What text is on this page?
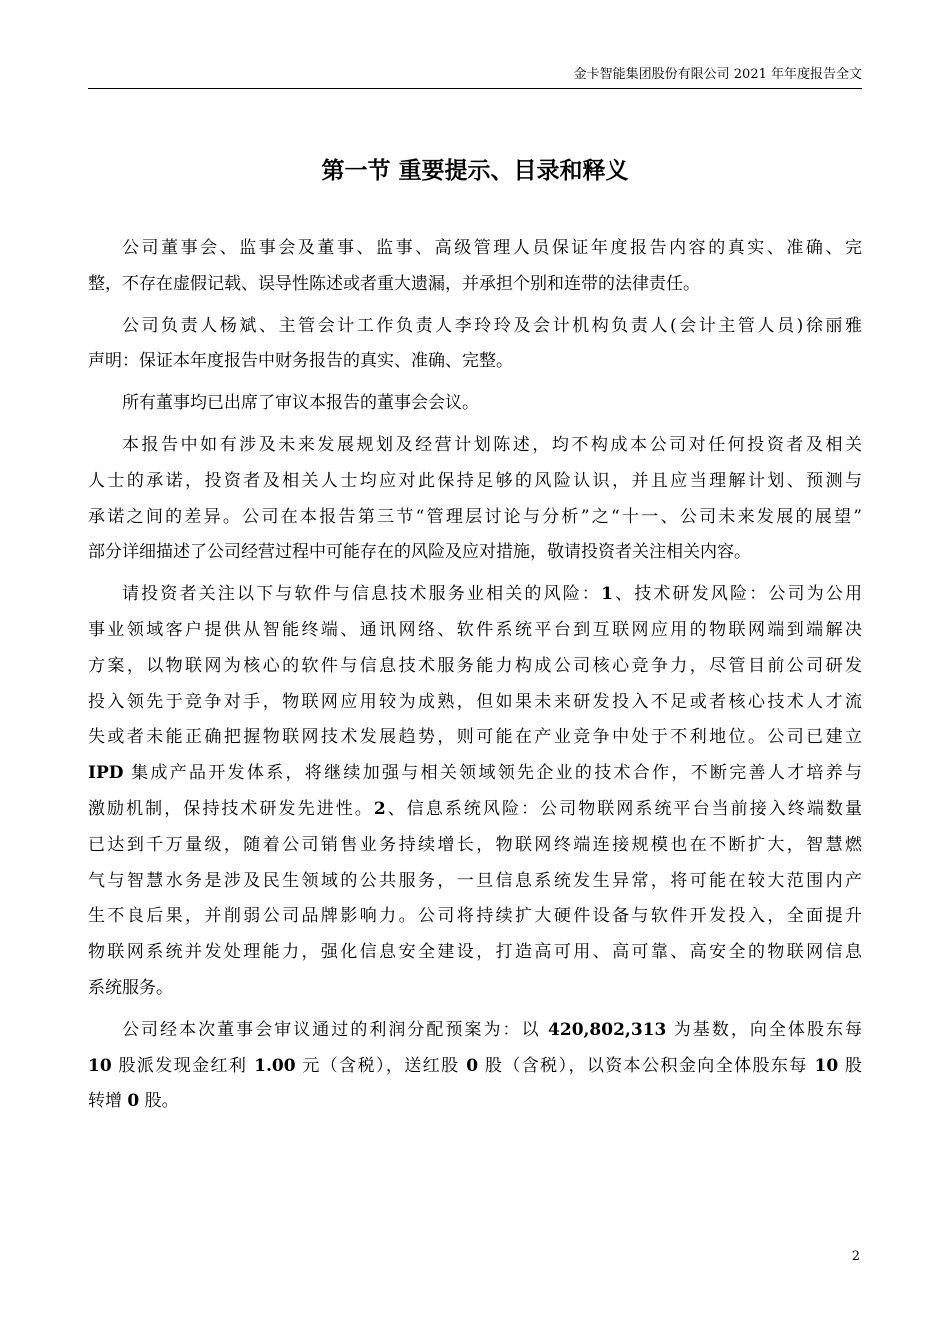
金卡智能集团股份有限公司 2021 年年度报告全文
第一节 重要提示、目录和释义
公司董事会、监事会及董事、监事、高级管理人员保证年度报告内容的真实、准确、完
整，不存在虚假记载、误导性陈述或者重大遗漏，并承担个别和连带的法律责任。
公司负责人杨斌、主管会计工作负责人李玲玲及会计机构负责人(会计主管人员)徐丽雅
声明：保证本年度报告中财务报告的真实、准确、完整。
所有董事均已出席了审议本报告的董事会会议。
本报告中如有涉及未来发展规划及经营计划陈述，均不构成本公司对任何投资者及相关
人士的承诺，投资者及相关人士均应对此保持足够的风险认识，并且应当理解计划、预测与
承诺之间的差异。公司在本报告第三节“管理层讨论与分析”之“十一、公司未来发展的展望”
部分详细描述了公司经营过程中可能存在的风险及应对措施，敬请投资者关注相关内容。
请投资者关注以下与软件与信息技术服务业相关的风险：1、技术研发风险：公司为公用
事业领域客户提供从智能终端、通讯网络、软件系统平台到互联网应用的物联网端到端解决
方案，以物联网为核心的软件与信息技术服务能力构成公司核心竞争力，尽管目前公司研发
投入领先于竞争对手，物联网应用较为成熟，但如果未来研发投入不足或者核心技术人才流
失或者未能正确把握物联网技术发展趋势，则可能在产业竞争中处于不利地位。公司已建立
IPD 集成产品开发体系，将继续加强与相关领域领先企业的技术合作，不断完善人才培养与
激励机制，保持技术研发先进性。2、信息系统风险：公司物联网系统平台当前接入终端数量
已达到千万量级，随着公司销售业务持续增长，物联网终端连接规模也在不断扩大，智慧燃
气与智慧水务是涉及民生领域的公共服务，一旦信息系统发生异常，将可能在较大范围内产
生不良后果，并削弱公司品牌影响力。公司将持续扩大硬件设备与软件开发投入，全面提升
物联网系统并发处理能力，强化信息安全建设，打造高可用、高可靠、高安全的物联网信息
系统服务。
公司经本次董事会审议通过的利润分配预案为：以 420,802,313 为基数，向全体股东每
10 股派发现金红利 1.00 元（含税），送红股 0 股（含税），以资本公积金向全体股东每 10 股
转增 0 股。
2
